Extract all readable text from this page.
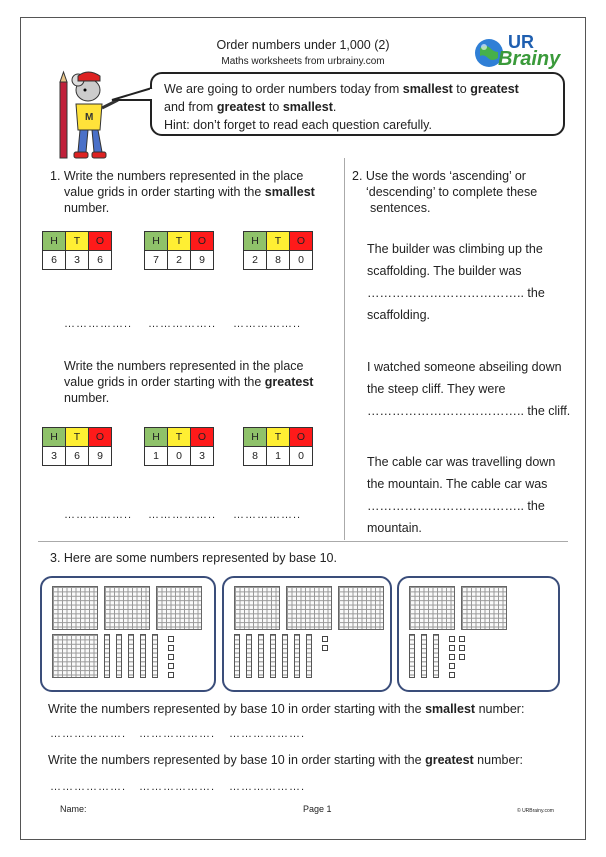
Order numbers under 1,000 (2)
Maths worksheets from urbrainy.com
UR
Brainy
M
We are going to order numbers today from smallest to greatest
and from greatest to smallest.
Hint: don’t forget to read each question carefully.
1. Write the numbers represented in the place
value grids in order starting with the smallest
number.
H	T	O
6	3	6
H	T	O
7	2	9
H	T	O
2	8	0
…………….. …………….. ……………..
Write the numbers represented in the place
value grids in order starting with the greatest
number.
H	T	O
3	6	9
H	T	O
1	0	3
H	T	O
8	1	0
…………….. …………….. ……………..
2. Use the words ‘ascending’ or
‘descending’ to complete these
sentences.
The builder was climbing up the
scaffolding. The builder was
……………………………….. the
scaffolding.
I watched someone abseiling down
the steep cliff. They were
……………………………….. the cliff.
The cable car was travelling down
the mountain. The cable car was
……………………………….. the
mountain.
3. Here are some numbers represented by base 10.
Write the numbers represented by base 10 in order starting with the smallest number:
………………. ………………. ……………….
Write the numbers represented by base 10 in order starting with the greatest number:
………………. ………………. ……………….
Name:	Page 1	© URBrainy.com
